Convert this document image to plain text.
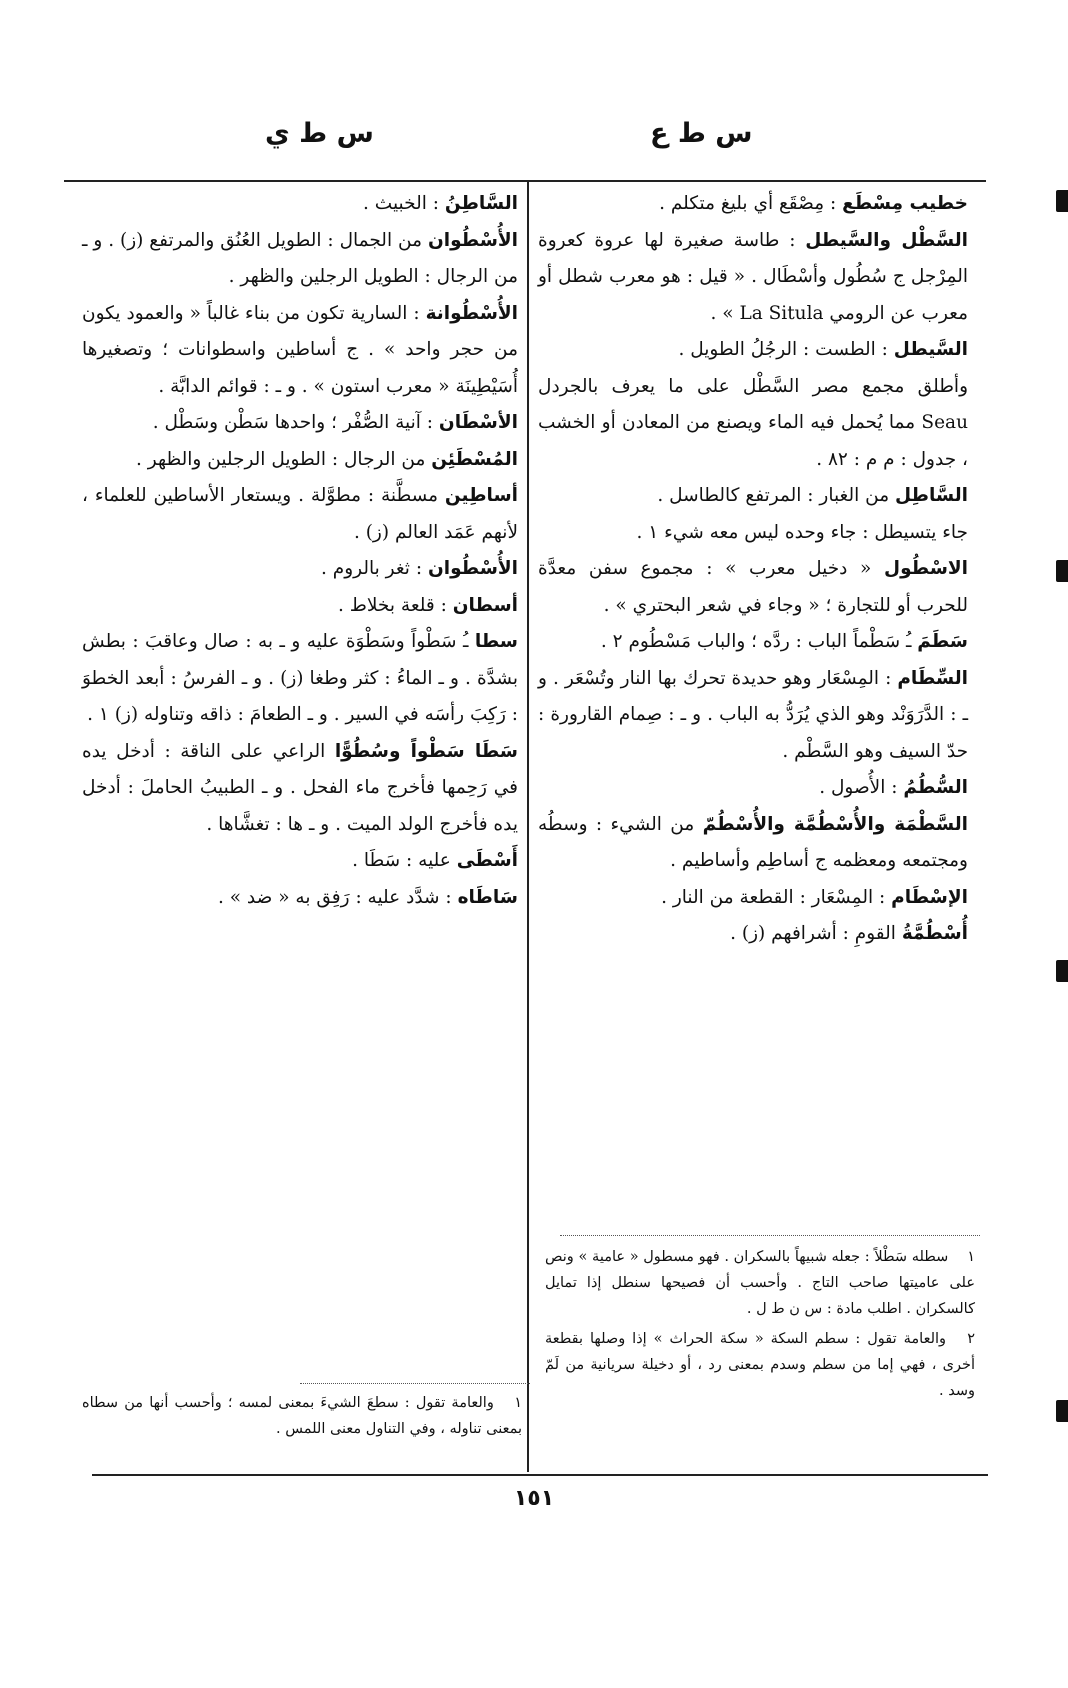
س ط ع
س ط ي

خطيب مِسْطَع : مِصْقَع أي بليغ متكلم .

السَّطْل والسَّيطل : طاسة صغيرة لها عروة كعروة المِرْجل ج سُطُول وأسْطَال . « قيل : هو معرب شطل أو معرب عن الرومي La Situla » .

السَّيطل : الطست : الرجُلُ الطويل .

وأطلق مجمع مصر السَّطْل على ما يعرف بالجردل Seau مما يُحمل فيه الماء ويصنع من المعادن أو الخشب ، جدول : م م : ٨٢ .

السَّاطِل من الغبار : المرتفع كالطاسل .

جاء يتسيطل : جاء وحده ليس معه شيء ١ .

الاسْطُول « دخيل معرب » : مجموع سفن معدَّة للحرب أو للتجارة ؛ « وجاء في شعر البحتري » .

سَطَمَ ـُ سَطْماً الباب : ردَّه ؛ والباب مَسْطُوم ٢ .

السِّطَام : المِسْعَار وهو حديدة تحرك بها النار وتُسْعَر . و ـ : الدَّرَوَنْد وهو الذي يُرَدُّ به الباب . و ـ : صِمام القارورة : حدّ السيف وهو السَّطْم .

السُّطُمُ : الأُصول .

السَّطْمَة والأُسْطُمَّة والأُسْطُمّ من الشيء : وسطُه ومجتمعه ومعظمه ج أساطِم وأساطيم .

الإسْطَام : المِسْعَار : القطعة من النار .

أُسْطُمَّةُ القومِ : أشرافهم (ز) .

١ سطله سَطْلاً : جعله شبيهاً بالسكران . فهو مسطول « عامية » ونص على عاميتها صاحب التاج . وأحسب أن فصيحها سنطل إذا تمايل كالسكران . اطلب مادة : س ن ط ل .

٢ والعامة تقول : سطم السكة « سكة الحراث » إذا وصلها بقطعة أخرى ، فهي إما من سطم وسدم بمعنى رد ، أو دخيلة سريانية من لَمّ وسد .

السَّاطِنُ : الخبيث .

الأُسْطُوان من الجمال : الطويل العُنُق والمرتفع (ز) . و ـ من الرجال : الطويل الرجلين والظهر .

الأُسْطُوانة : السارية تكون من بناء غالباً « والعمود يكون من حجر واحد » . ج أساطين واسطوانات ؛ وتصغيرها أُسَيْطِينَة « معرب استون » . و ـ : قوائم الدابَّة .

الأسْطَان : آنية الصُّفْر ؛ واحدها سَطْن وسَطْل .

المُسْطَئِن من الرجال : الطويل الرجلين والظهر .

أساطِين مسطَّنة : مطوَّلة . ويستعار الأساطين للعلماء ، لأنهم عَمَد العالم (ز) .

الأُسْطُوان : ثغر بالروم .

أسطان : قلعة بخلاط .

سطا ـُ سَطْواً وسَطْوَة عليه و ـ به : صال وعاقبَ : بطش بشدَّة . و ـ الماءُ : كثر وطغا (ز) . و ـ الفرسُ : أبعد الخطوَ : رَكِبَ رأسَه في السير . و ـ الطعامَ : ذاقه وتناوله (ز) ١ .

سَطَا سَطْواً وسُطُوًّا الراعي على الناقة : أدخل يده في رَحِمها فأخرج ماء الفحل . و ـ الطبيبُ الحاملَ : أدخل يده فأخرج الولد الميت . و ـ ها : تغشَّاها .

أَسْطَى عليه : سَطَا .

سَاطَاه : شدَّد عليه : رَفِق به « ضد » .

١ والعامة تقول : سطعَ الشيءَ بمعنى لمسه ؛ وأحسب أنها من سطاه بمعنى تناوله ، وفي التناول معنى اللمس .

١٥١
